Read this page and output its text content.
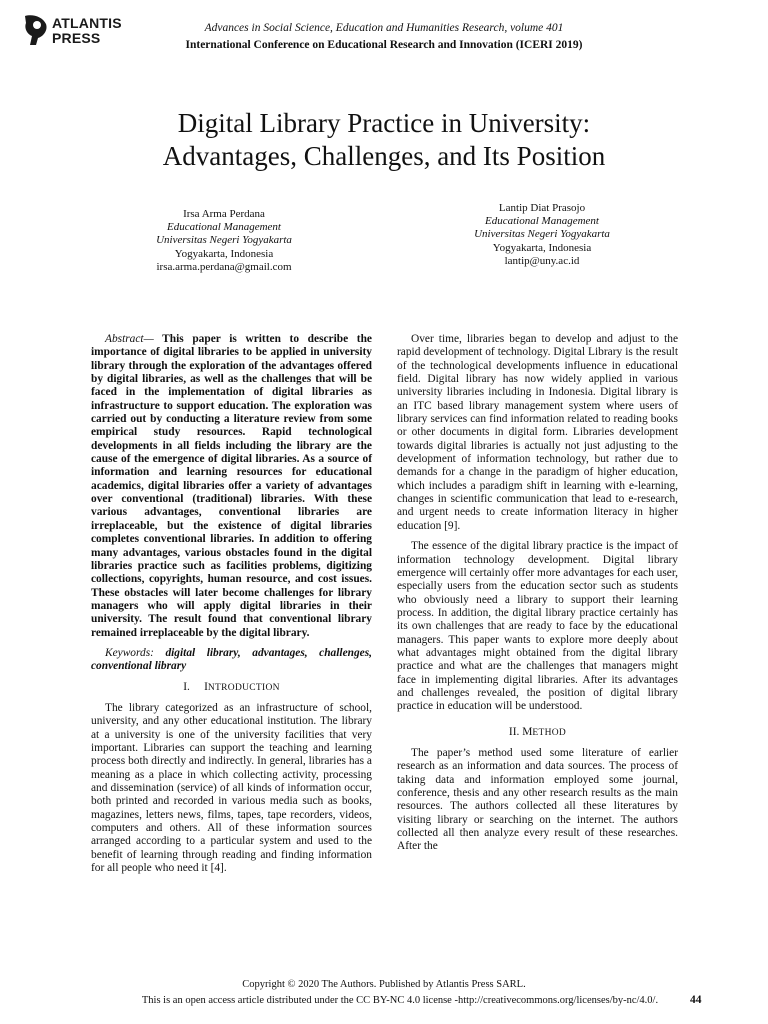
ATLANTIS
PRESS
Advances in Social Science, Education and Humanities Research, volume 401
International Conference on Educational Research and Innovation (ICERI 2019)
Digital Library Practice in University:
Advantages, Challenges, and Its Position
Irsa Arma Perdana
Educational Management
Universitas Negeri Yogyakarta
Yogyakarta, Indonesia
irsa.arma.perdana@gmail.com
Lantip Diat Prasojo
Educational Management
Universitas Negeri Yogyakarta
Yogyakarta, Indonesia
lantip@uny.ac.id

Abstract— This paper is written to describe the importance of digital libraries to be applied in university library through the exploration of the advantages offered by digital libraries, as well as the challenges that will be faced in the implementation of digital libraries as infrastructure to support education. The exploration was carried out by conducting a literature review from some empirical study resources. Rapid technological developments in all fields including the library are the cause of the emergence of digital libraries. As a source of information and learning resources for educational academics, digital libraries offer a variety of advantages over conventional (traditional) libraries. With these various advantages, conventional libraries are irreplaceable, but the existence of digital libraries completes conventional libraries. In addition to offering many advantages, various obstacles found in the digital libraries practice such as facilities problems, digitizing collections, copyrights, human resource, and cost issues. These obstacles will later become challenges for library managers who will apply digital libraries in their university. The result found that conventional library remained irreplaceable by the digital library.

Keywords: digital library, advantages, challenges, conventional library

I. INTRODUCTION

The library categorized as an infrastructure of school, university, and any other educational institution. The library at a university is one of the university facilities that very important. Libraries can support the teaching and learning process both directly and indirectly. In general, libraries has a meaning as a place in which collecting activity, processing and dissemination (service) of all kinds of information occur, both printed and recorded in various media such as books, magazines, letters news, films, tapes, tape recorders, videos, computers and others. All of these information sources arranged according to a particular system and used to the benefit of learning through reading and finding information for all people who need it [4].

Over time, libraries began to develop and adjust to the rapid development of technology. Digital Library is the result of the technological developments influence in educational field. Digital library has now widely applied in various university libraries including in Indonesia. Digital library is an ITC based library management system where users of library services can find information related to reading books or other documents in digital form. Libraries development towards digital libraries is actually not just adjusting to the development of information technology, but rather due to demands for a change in the paradigm of higher education, which includes a paradigm shift in learning with e-learning, changes in scientific communication that lead to e-research, and urgent needs to create information literacy in higher education [9].

The essence of the digital library practice is the impact of information technology development. Digital library emergence will certainly offer more advantages for each user, especially users from the education sector such as students who obviously need a library to support their learning process. In addition, the digital library practice certainly has its own challenges that are ready to face by the educational managers. This paper wants to explore more deeply about what advantages might obtained from the digital library practice and what are the challenges that managers might face in implementing digital libraries. After its advantages and challenges revealed, the position of digital library practice in education will be understood.

II. METHOD

The paper’s method used some literature of earlier research as an information and data sources. The process of taking data and information employed some journal, conference, thesis and any other research results as the main resources. The authors collected all these literatures by visiting library or searching on the internet. The authors collected all then analyze every result of these researches. After the

Copyright © 2020 The Authors. Published by Atlantis Press SARL.
This is an open access article distributed under the CC BY-NC 4.0 license -http://creativecommons.org/licenses/by-nc/4.0/.	44
